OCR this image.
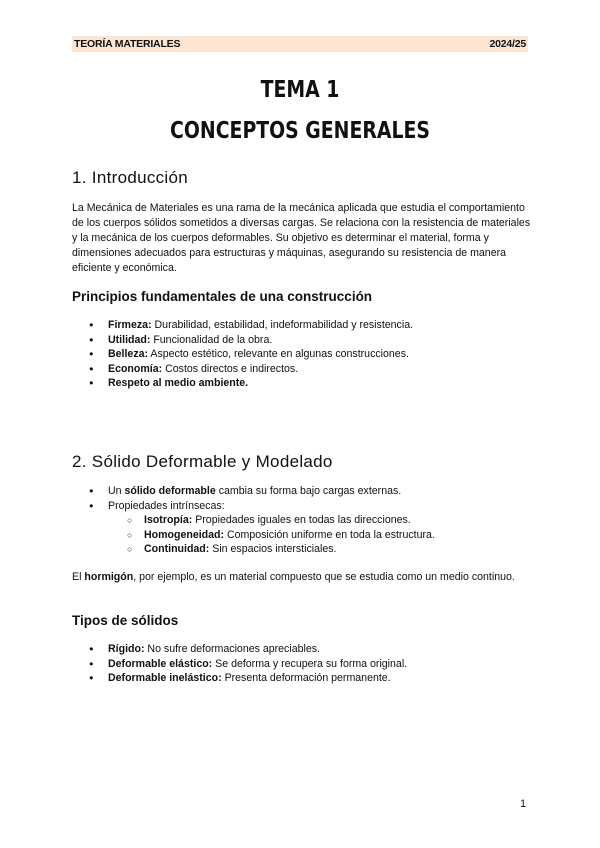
TEORÍA MATERIALES	2024/25
TEMA 1
CONCEPTOS GENERALES
1. Introducción

La Mecánica de Materiales es una rama de la mecánica aplicada que estudia el comportamiento de los cuerpos sólidos sometidos a diversas cargas. Se relaciona con la resistencia de materiales y la mecánica de los cuerpos deformables. Su objetivo es determinar el material, forma y dimensiones adecuados para estructuras y máquinas, asegurando su resistencia de manera eficiente y económica.

Principios fundamentales de una construcción
● Firmeza: Durabilidad, estabilidad, indeformabilidad y resistencia.
● Utilidad: Funcionalidad de la obra.
● Belleza: Aspecto estético, relevante en algunas construcciones.
● Economía: Costos directos e indirectos.
● Respeto al medio ambiente.
2. Sólido Deformable y Modelado
● Un sólido deformable cambia su forma bajo cargas externas.
● Propiedades intrínsecas:
○ Isotropía: Propiedades iguales en todas las direcciones.
○ Homogeneidad: Composición uniforme en toda la estructura.
○ Continuidad: Sin espacios intersticiales.

El hormigón, por ejemplo, es un material compuesto que se estudia como un medio continuo.

Tipos de sólidos
● Rígido: No sufre deformaciones apreciables.
● Deformable elástico: Se deforma y recupera su forma original.
● Deformable inelástico: Presenta deformación permanente.
1
